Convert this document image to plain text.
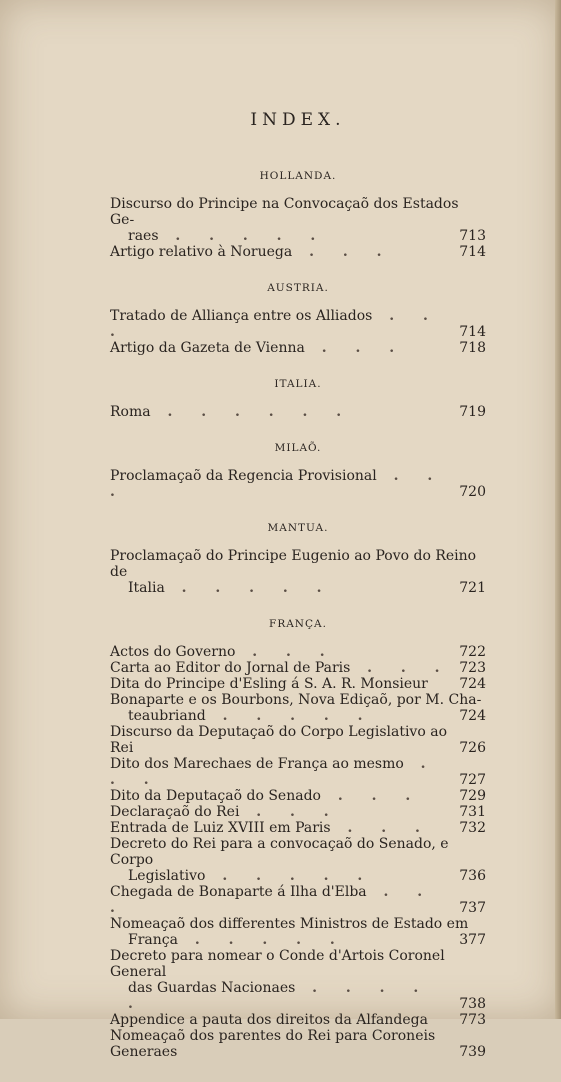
INDEX.
HOLLANDA.
Discurso do Principe na Convocaçaõ dos Estados Ge-
raes . . . . .	713
Artigo relativo à Noruega . . .	714
AUSTRIA.
Tratado de Alliança entre os Alliados . . .	714
Artigo da Gazeta de Vienna . . .	718
ITALIA.
Roma . . . . . .	719
MILAÕ.
Proclamaçaõ da Regencia Provisional . . .	720
MANTUA.
Proclamaçaõ do Principe Eugenio ao Povo do Reino de
Italia . . . . .	721
FRANÇA.
Actos do Governo . . .	722
Carta ao Editor do Jornal de Paris . . . 723
Dita do Principe d'Esling á S. A. R. Monsieur	724
Bonaparte e os Bourbons, Nova Ediçaõ, por M. Cha-
teaubriand . . . . .	724
Discurso da Deputaçaõ do Corpo Legislativo ao Rei	726
Dito dos Marechaes de França ao mesmo . . .	727
Dito da Deputaçaõ do Senado . . .	729
Declaraçaõ do Rei . . .	731
Entrada de Luiz XVIII em Paris . . .	732
Decreto do Rei para a convocaçaõ do Senado, e Corpo
Legislativo . . . . .	736
Chegada de Bonaparte á Ilha d'Elba . . .	737
Nomeaçaõ dos differentes Ministros de Estado em
França . . . . .	377
Decreto para nomear o Conde d'Artois Coronel General
das Guardas Nacionaes . . . . .	738
Appendice a pauta dos direitos da Alfandega	773
Nomeaçaõ dos parentes do Rei para Coroneis Generaes	739
